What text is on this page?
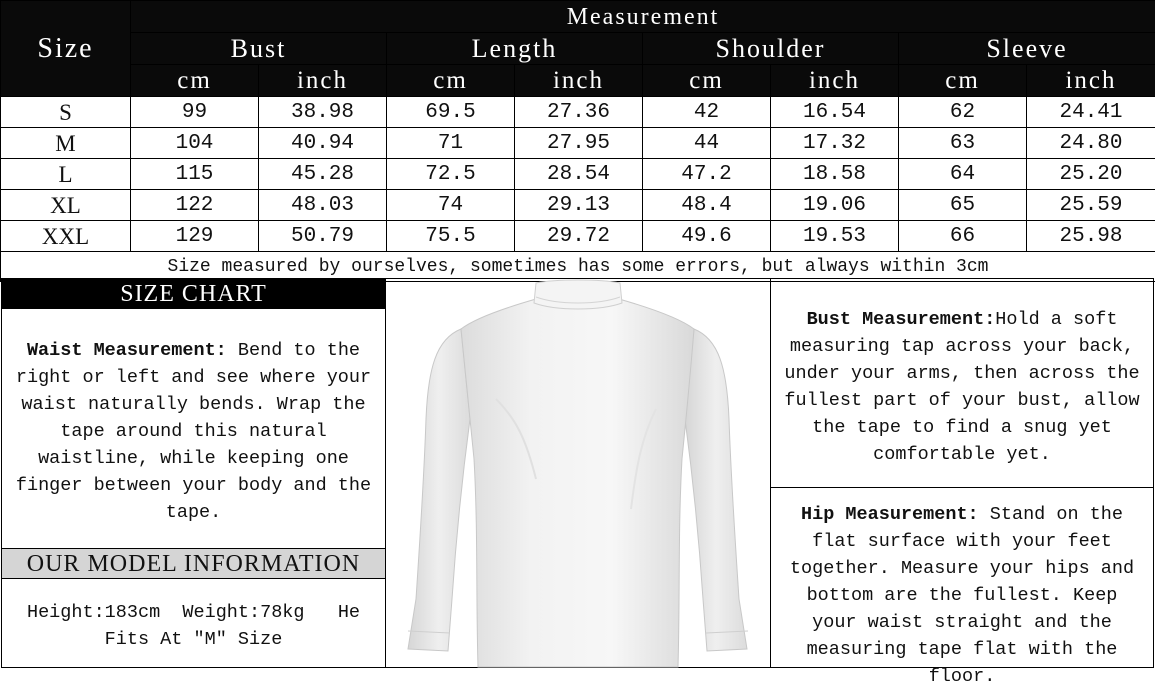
Size	Measurement							
	Bust		Length		Shoulder		Sleeve	
	cm	inch	cm	inch	cm	inch	cm	inch
S	99	38.98	69.5	27.36	42	16.54	62	24.41
M	104	40.94	71	27.95	44	17.32	63	24.80
L	115	45.28	72.5	28.54	47.2	18.58	64	25.20
XL	122	48.03	74	29.13	48.4	19.06	65	25.59
XXL	129	50.79	75.5	29.72	49.6	19.53	66	25.98
Size measured by ourselves, sometimes has some errors, but always within 3cm								
SIZE CHART
Waist Measurement: Bend to the right or left and see where your waist naturally bends. Wrap the tape around this natural waistline, while keeping one finger between your body and the tape.
OUR MODEL INFORMATION
Height:183cm  Weight:78kg   He Fits At "M" Size
Bust Measurement:Hold a soft measuring tap across your back, under your arms, then across the fullest part of your bust, allow the tape to find a snug yet comfortable yet.
Hip Measurement: Stand on the flat surface with your feet together. Measure your hips and bottom are the fullest. Keep your waist straight and the measuring tape flat with the floor.
